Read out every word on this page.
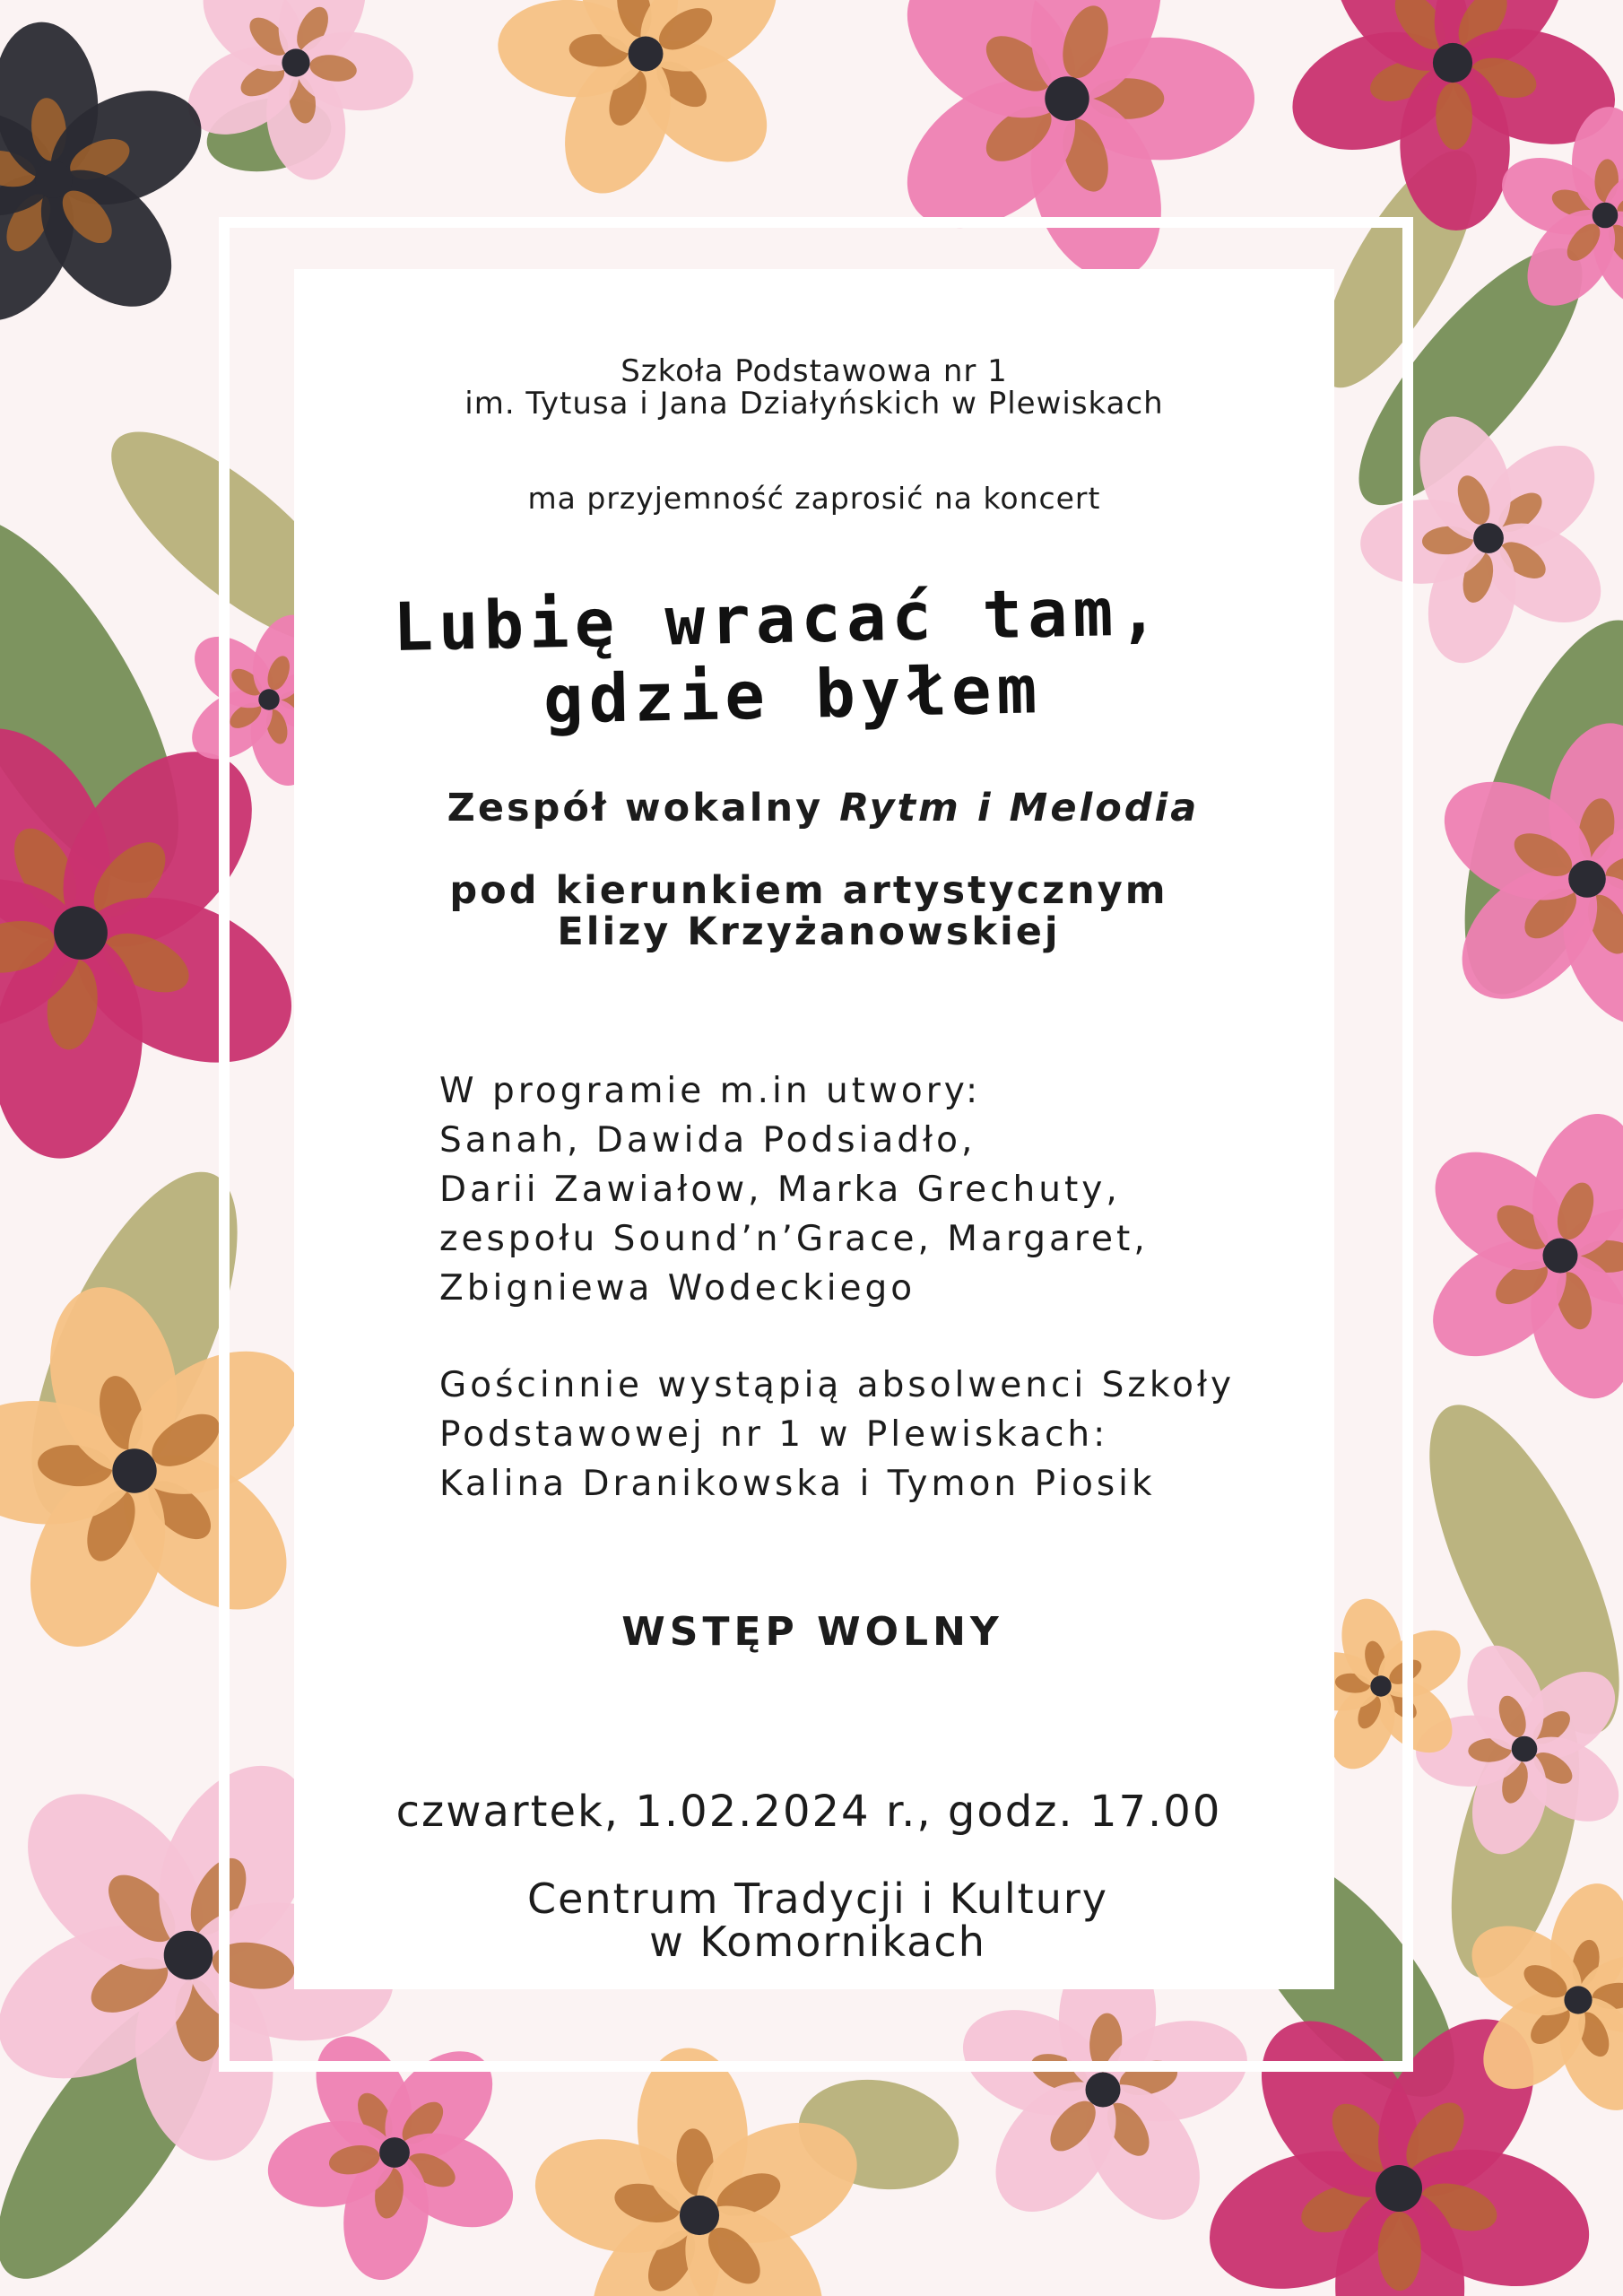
Szkoła Podstawowa nr 1
im. Tytusa i Jana Działyńskich w Plewiskach
ma przyjemność zaprosić na koncert
Lubię wracać tam,
gdzie byłem
Zespół wokalny Rytm i Melodia
pod kierunkiem artystycznym
Elizy Krzyżanowskiej
W programie m.in utwory:
Sanah, Dawida Podsiadło,
Darii Zawiałow, Marka Grechuty,
zespołu Sound’n’Grace, Margaret,
Zbigniewa Wodeckiego
Gościnnie wystąpią absolwenci Szkoły
Podstawowej nr 1 w Plewiskach:
Kalina Dranikowska i Tymon Piosik
WSTĘP WOLNY
czwartek, 1.02.2024 r., godz. 17.00
Centrum Tradycji i Kultury
w Komornikach
